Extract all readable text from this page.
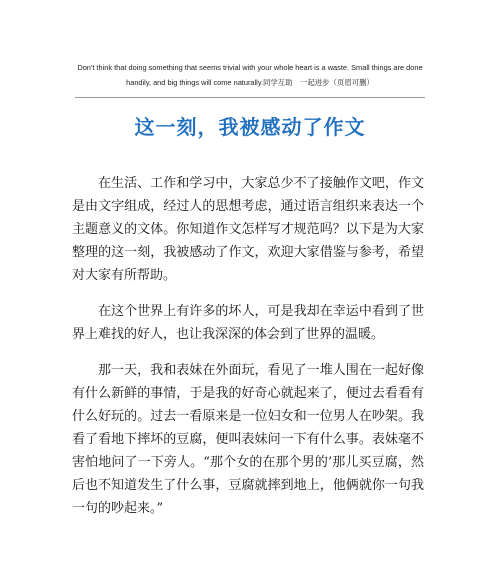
Don't think that doing something that seems trivial with your whole heart is a waste. Small things are done handily, and big things will come naturally.同学互助　一起进步（页眉可删）
这一刻，我被感动了作文

在生活、工作和学习中，大家总少不了接触作文吧，作文是由文字组成，经过人的思想考虑，通过语言组织来表达一个主题意义的文体。你知道作文怎样写才规范吗？以下是为大家整理的这一刻，我被感动了作文，欢迎大家借鉴与参考，希望对大家有所帮助。

在这个世界上有许多的坏人，可是我却在幸运中看到了世界上难找的好人，也让我深深的体会到了世界的温暖。

那一天，我和表妹在外面玩，看见了一堆人围在一起好像有什么新鲜的事情，于是我的好奇心就起来了，便过去看看有什么好玩的。过去一看原来是一位妇女和一位男人在吵架。我看了看地下摔坏的豆腐，便叫表妹问一下有什么事。表妹毫不害怕地问了一下旁人。“那个女的在那个男的’那儿买豆腐，然后也不知道发生了什么事，豆腐就摔到地上，他俩就你一句我一句的吵起来。”
